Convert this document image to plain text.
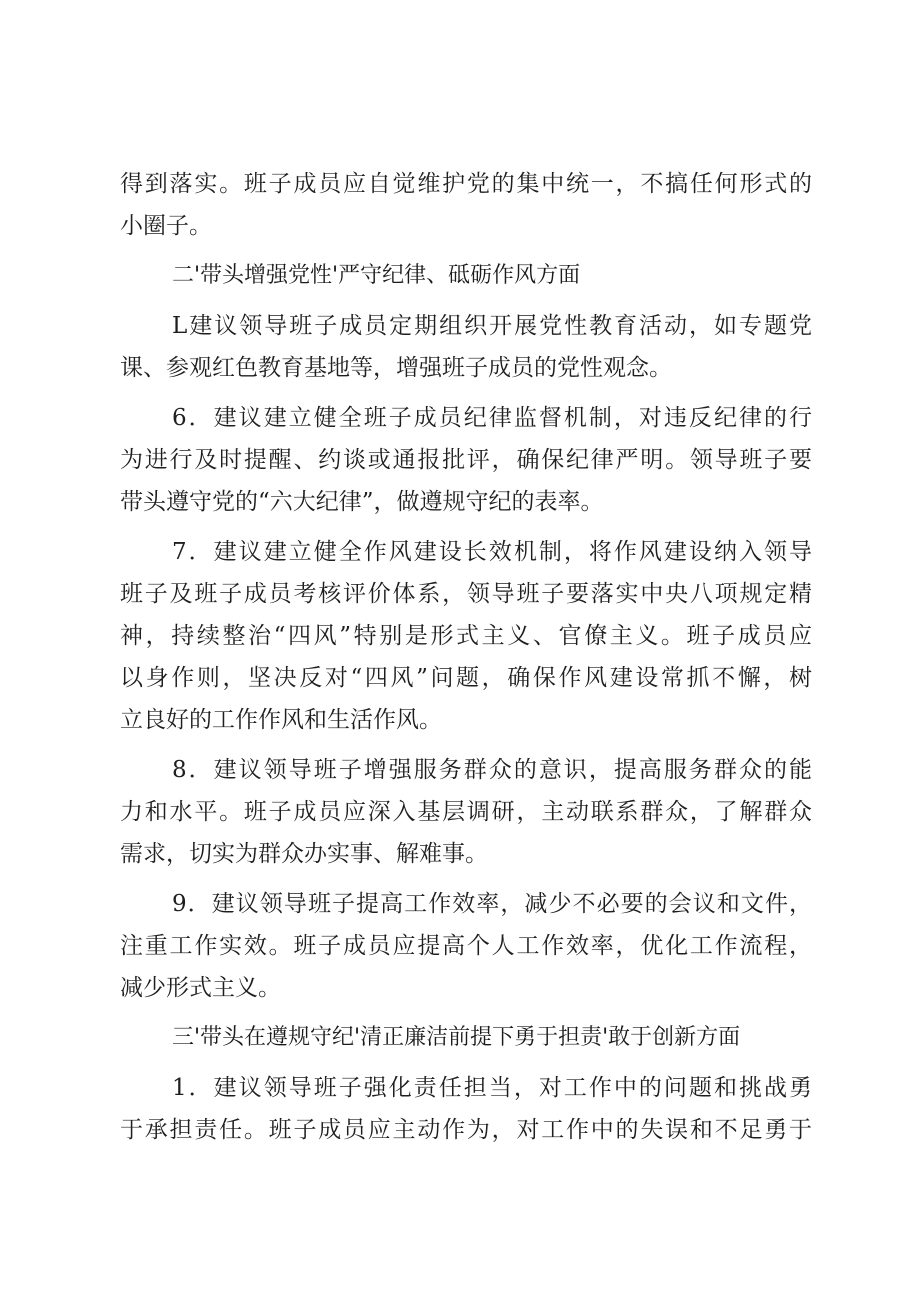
得到落实。班子成员应自觉维护党的集中统一，不搞任何形式的
小圈子。
二'带头增强党性'严守纪律、砥砺作风方面
L建议领导班子成员定期组织开展党性教育活动，如专题党
课、参观红色教育基地等，增强班子成员的党性观念。
6．建议建立健全班子成员纪律监督机制，对违反纪律的行
为进行及时提醒、约谈或通报批评，确保纪律严明。领导班子要
带头遵守党的“六大纪律”，做遵规守纪的表率。
7．建议建立健全作风建设长效机制，将作风建设纳入领导
班子及班子成员考核评价体系，领导班子要落实中央八项规定精
神，持续整治“四风”特别是形式主义、官僚主义。班子成员应
以身作则，坚决反对“四风”问题，确保作风建设常抓不懈，树
立良好的工作作风和生活作风。
8．建议领导班子增强服务群众的意识，提高服务群众的能
力和水平。班子成员应深入基层调研，主动联系群众，了解群众
需求，切实为群众办实事、解难事。
9．建议领导班子提高工作效率，减少不必要的会议和文件，
注重工作实效。班子成员应提高个人工作效率，优化工作流程，
减少形式主义。
三'带头在遵规守纪'清正廉洁前提下勇于担责'敢于创新方面
1．建议领导班子强化责任担当，对工作中的问题和挑战勇
于承担责任。班子成员应主动作为，对工作中的失误和不足勇于
